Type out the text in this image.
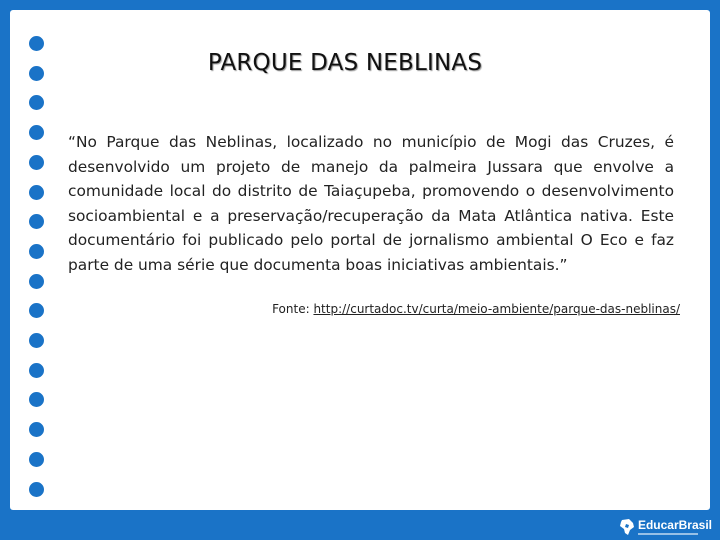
PARQUE DAS NEBLINAS
“No Parque das Neblinas, localizado no município de Mogi das Cruzes, é desenvolvido um projeto de manejo da palmeira Jussara que envolve a comunidade local do distrito de Taiaçupeba, promovendo o desenvolvimento socioambiental e a preservação/recuperação da Mata Atlântica nativa. Este documentário foi publicado pelo portal de jornalismo ambiental O Eco e faz parte de uma série que documenta boas iniciativas ambientais.”
Fonte: http://curtadoc.tv/curta/meio-ambiente/parque-das-neblinas/
EducarBrasil
